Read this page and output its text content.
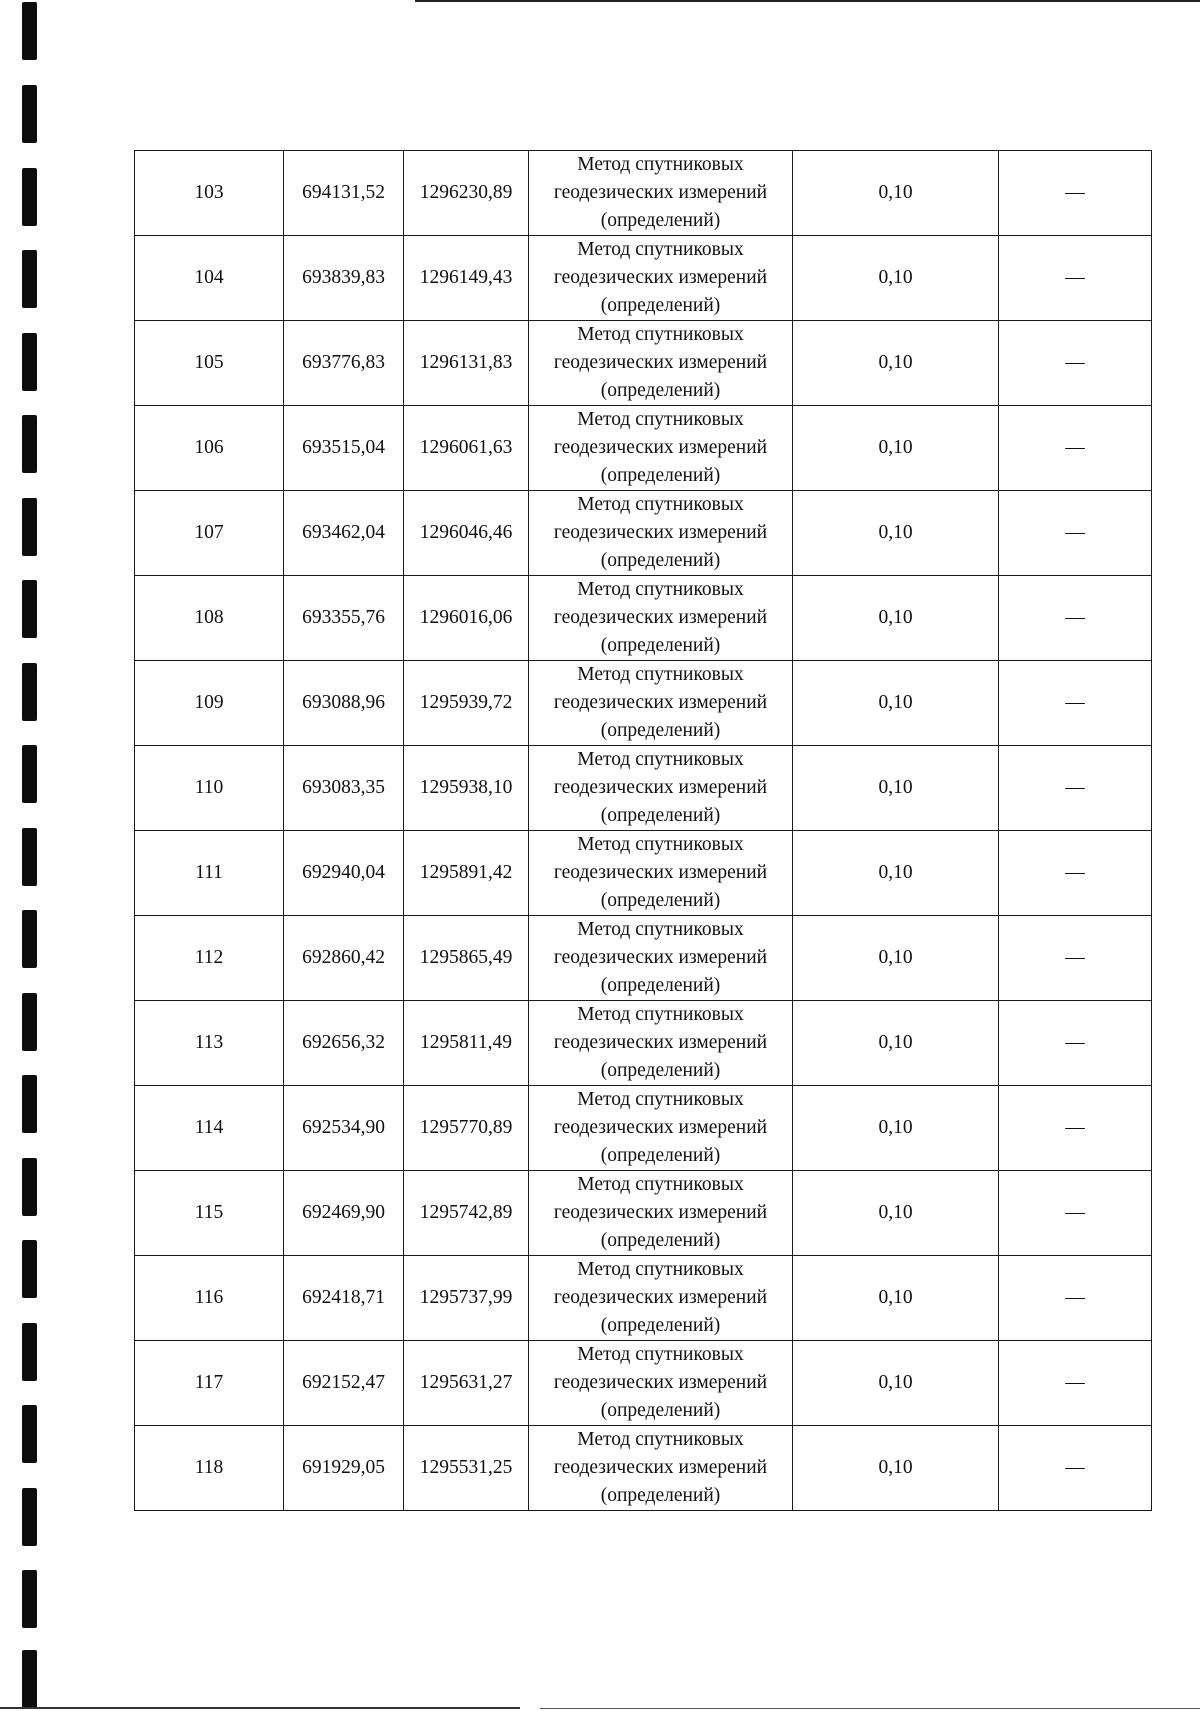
103	694131,52	1296230,89	Метод спутниковых
геодезических измерений
(определений)	0,10	—
104	693839,83	1296149,43	Метод спутниковых
геодезических измерений
(определений)	0,10	—
105	693776,83	1296131,83	Метод спутниковых
геодезических измерений
(определений)	0,10	—
106	693515,04	1296061,63	Метод спутниковых
геодезических измерений
(определений)	0,10	—
107	693462,04	1296046,46	Метод спутниковых
геодезических измерений
(определений)	0,10	—
108	693355,76	1296016,06	Метод спутниковых
геодезических измерений
(определений)	0,10	—
109	693088,96	1295939,72	Метод спутниковых
геодезических измерений
(определений)	0,10	—
110	693083,35	1295938,10	Метод спутниковых
геодезических измерений
(определений)	0,10	—
111	692940,04	1295891,42	Метод спутниковых
геодезических измерений
(определений)	0,10	—
112	692860,42	1295865,49	Метод спутниковых
геодезических измерений
(определений)	0,10	—
113	692656,32	1295811,49	Метод спутниковых
геодезических измерений
(определений)	0,10	—
114	692534,90	1295770,89	Метод спутниковых
геодезических измерений
(определений)	0,10	—
115	692469,90	1295742,89	Метод спутниковых
геодезических измерений
(определений)	0,10	—
116	692418,71	1295737,99	Метод спутниковых
геодезических измерений
(определений)	0,10	—
117	692152,47	1295631,27	Метод спутниковых
геодезических измерений
(определений)	0,10	—
118	691929,05	1295531,25	Метод спутниковых
геодезических измерений
(определений)	0,10	—
